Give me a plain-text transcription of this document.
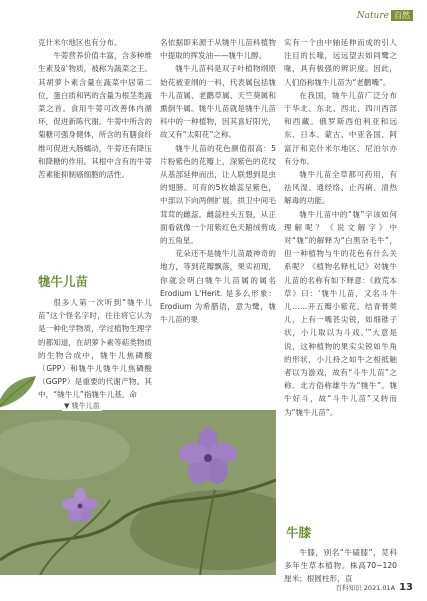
Nature 自然

克什米尔地区也有分布。

牛蒡营养价值丰富，含多种维生素及矿物质，被称为蔬菜之王。其胡萝卜素含量在蔬菜中居第二位，蛋白质和钙的含量为根茎类蔬菜之首。食用牛蒡可改善体内循环，促进新陈代谢。牛蒡中所含的菊糖可强身健体，所含的有膳食纤维可促进大肠蠕动，牛蒡还有降压和降糖的作用。其根中含有的牛蒡苦素能抑制癌细胞的活性。

牻牛儿苗

很多人第一次听到“牻牛儿苗”这个怪名字时，往往将它认为是一种化学物质，学过植物生理学的都知道，在胡萝卜素等萜类物质的生物合成中，牻牛儿焦磷酸（GPP）和牻牛儿牻牛儿焦磷酸（GGPP）是重要的代谢产物。其中，“牻牛儿”指牻牛儿基，命

▼ 牻牛儿苗

名依据即来源于从牻牛儿苗科植物中提取的挥发油——牻牛儿醇。

牻牛儿苗科是双子叶植物纲原始花被亚纲的一科，代表属包括牻牛儿苗属、老鹳草属、天竺葵属和熏倒牛属。牻牛儿苗就是牻牛儿苗科中的一种植物，因其喜好阳光，故又有“太阳花”之称。

牻牛儿苗的花色颜值很高：5片粉紫色的花瓣上，深紫色的花纹从基部延伸而出，让人联想到昆虫的翅膀。可育的5枚雄蕊呈紫色，中部以下向两侧扩展，拱卫中间毛茸茸的雌蕊。雌蕊柱头五裂，从正面看就像一个用紫红色天鹅绒剪成的五角星。

花朵还不是牻牛儿苗最神奇的地方，等到花瓣飘落，果实初现，你就会明白牻牛儿苗属的属名 Erodium L'Herit. 是多么形象：Erodium 为希腊语，意为鹭，牻牛儿苗的果

实有一个由中轴延伸而成的引人注目的长喙，远远望去如同鹭之喙，具有极强的辨识度。因此，人们俗称牻牛儿苗为“老鹳嘴”。

在我国，牻牛儿苗广泛分布于华北、东北、西北、四川西部和西藏。俄罗斯西伯利亚和远东、日本、蒙古、中亚各国、阿富汗和克什米尔地区、尼泊尔亦有分布。

牻牛儿苗全草都可药用，有祛风湿、通经络、止泻痢、清热解毒的功能。

牻牛儿苗中的“牻”字该如何理解呢？《说文解字》中对“牻”的解释为“白黑杂毛牛”，但一种植物与牛的花色有什么关系呢？《植物名释札记》对牻牛儿苗的名称有如下释意：《救荒本草》曰：‘牻牛儿苗，又名斗牛儿……开五瓣小紫花，结青蓇葖儿，上有一嘴甚尖锐，如细锥子状，小儿取以为斗戏。’”大意是说，这种植物的果实尖锐如牛角的形状，小儿持之如牛之相抵触者以为游戏，故有“斗牛儿苗”之称。北方俗称雄牛为“牻牛”。牻牛好斗，故“斗牛儿苗”又转而为“牻牛儿苗”。

牛膝

牛膝，别名“牛磕膝”，苋科多年生草本植物。株高70~120厘米；根圆柱形，直

百科知识 2021.01A 13
